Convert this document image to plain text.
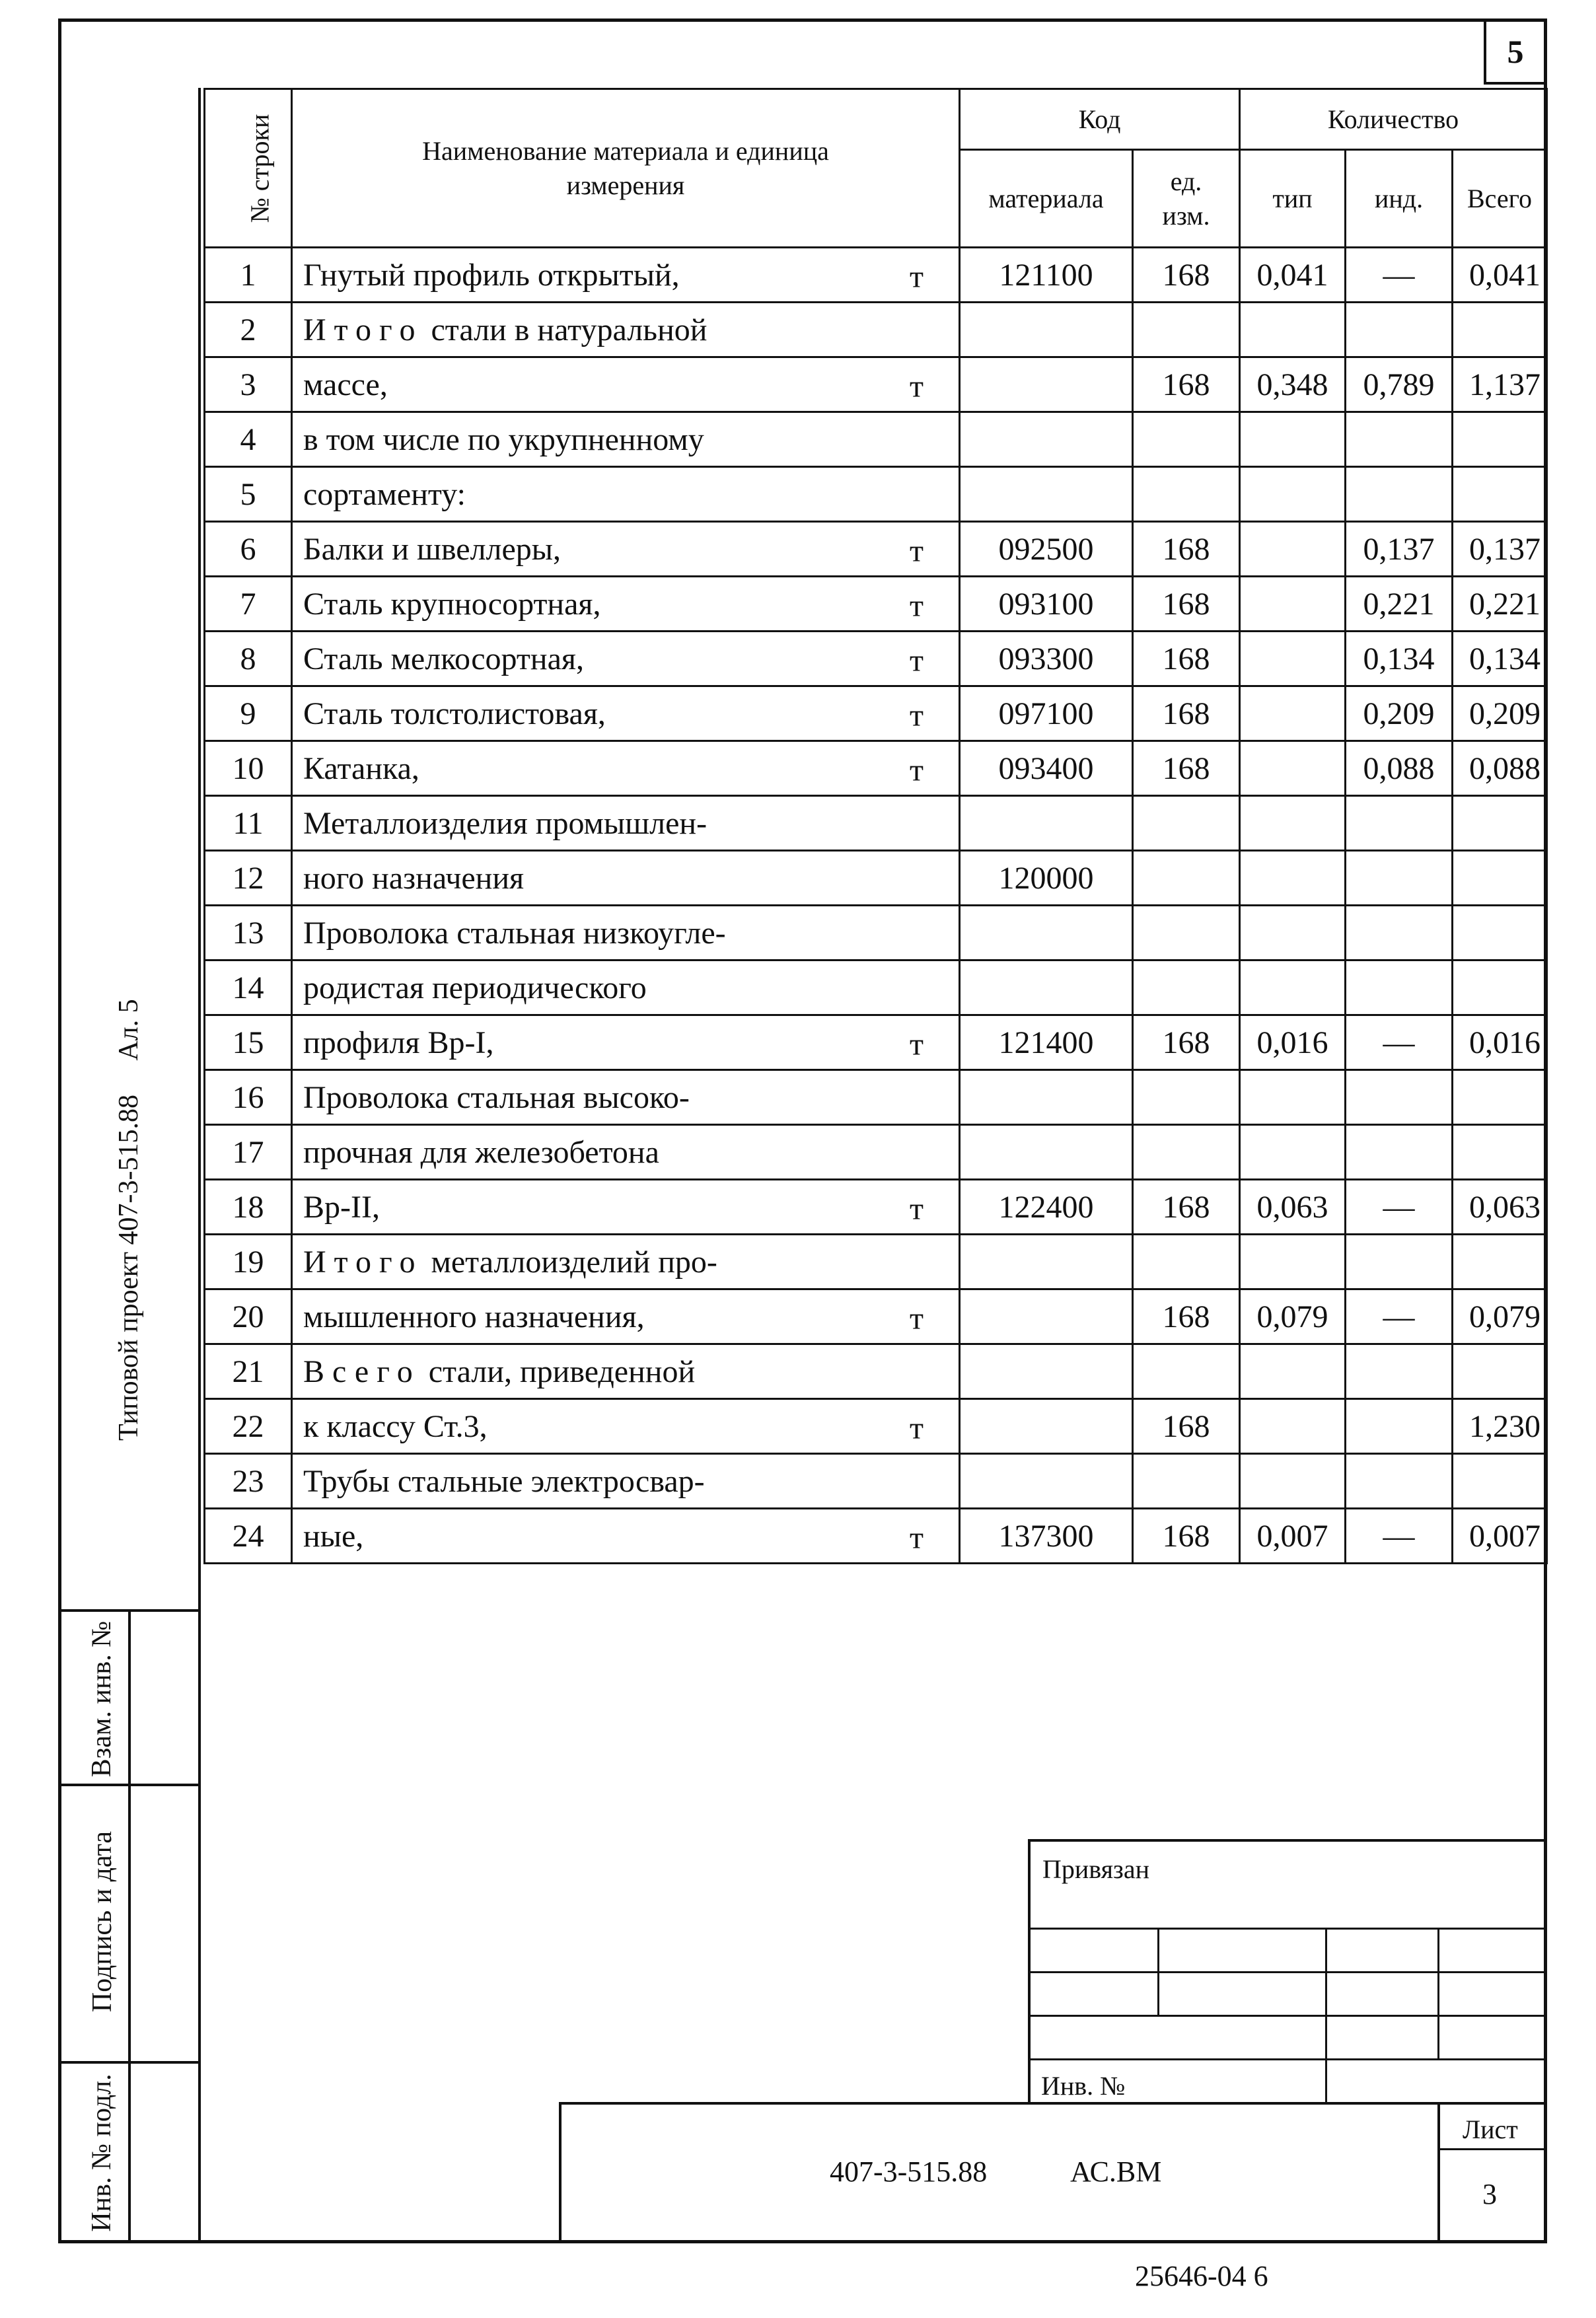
5
Типовой проект 407-3-515.88
Ал. 5
Взам. инв. №
Подпись и дата
Инв. № подл.
№ строки	Наименование материала и единица измерения	Код		Количество		
		материала	ед. изм.	тип	инд.	Всего
1	Гнутый профиль открытый, т	121100	168	0,041	—	0,041
2	Итого стали в натуральной

3	массе, т		168	0,348	0,789	1,137
4	в том числе по укрупненному

5	сортаменту:

6	Балки и швеллеры, т	092500	168		0,137	0,137
7	Сталь крупносортная, т	093100	168		0,221	0,221
8	Сталь мелкосортная, т	093300	168		0,134	0,134
9	Сталь толстолистовая, т	097100	168		0,209	0,209
10	Катанка, т	093400	168		0,088	0,088
11	Металлоизделия промышлен-

12	ного назначения	120000				
13	Проволока стальная низкоугле-

14	родистая периодического

15	профиля Вр-I, т	121400	168	0,016	—	0,016
16	Проволока стальная высоко-

17	прочная для железобетона

18	Вр-II, т	122400	168	0,063	—	0,063
19	Итого металлоизделий про-

20	мышленного назначения, т		168	0,079	—	0,079
21	Всего стали, приведенной

22	к классу Ст.3, т		168			1,230
23	Трубы стальные электросвар-

24	ные, т	137300	168	0,007	—	0,007
Привязан
Инв. №
407-3-515.88	АС.ВМ
Лист
3
25646-04 6
